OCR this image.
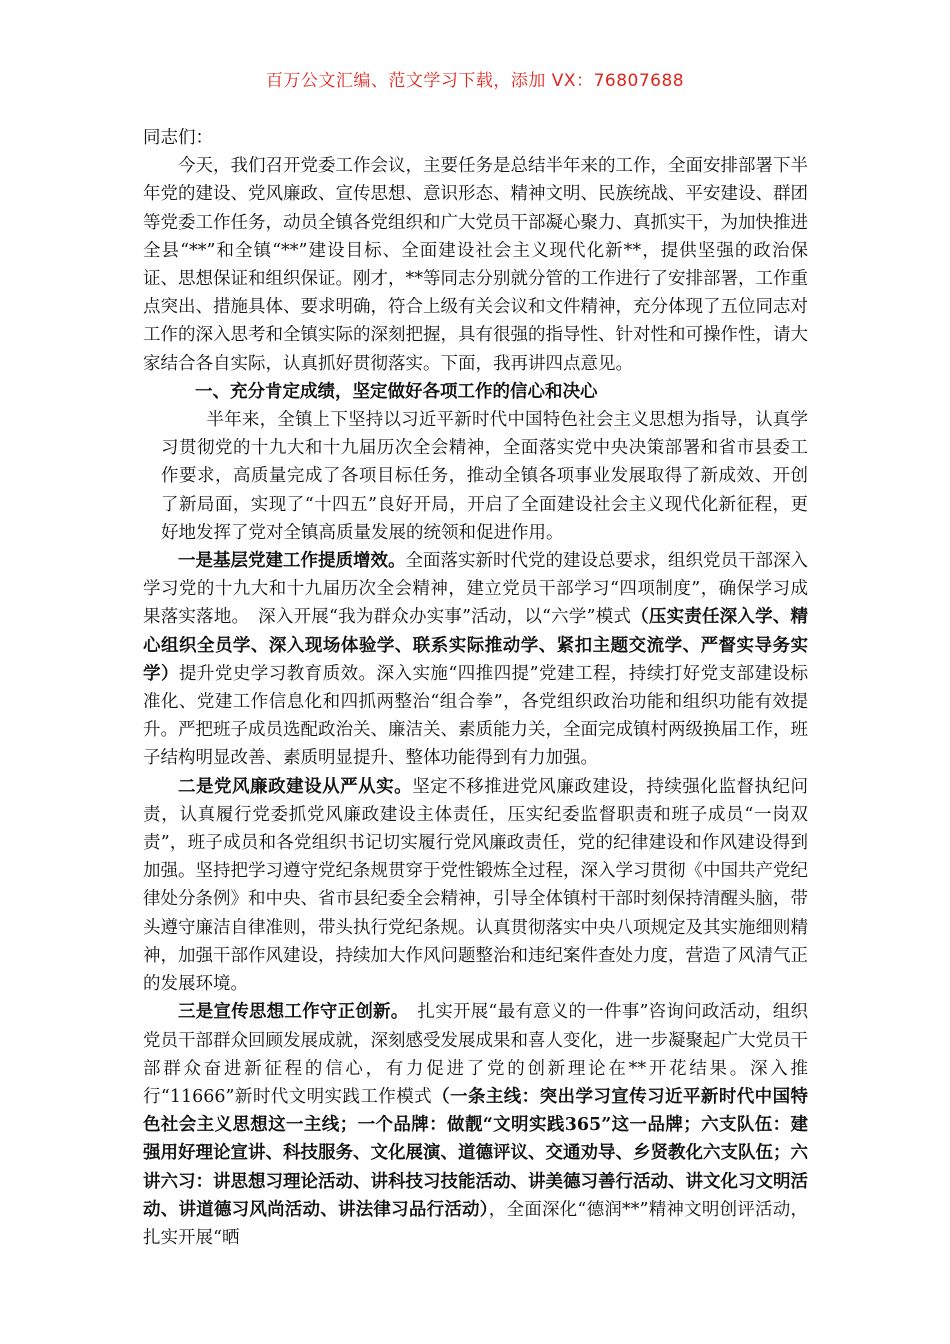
百万公文汇编、范文学习下载，添加 VX：76807688

同志们：

今天，我们召开党委工作会议，主要任务是总结半年来的工作，全面安排部署下半年党的建设、党风廉政、宣传思想、意识形态、精神文明、民族统战、平安建设、群团等党委工作任务，动员全镇各党组织和广大党员干部凝心聚力、真抓实干，为加快推进全县“**”和全镇“**”建设目标、全面建设社会主义现代化新**，提供坚强的政治保证、思想保证和组织保证。刚才，**等同志分别就分管的工作进行了安排部署，工作重点突出、措施具体、要求明确，符合上级有关会议和文件精神，充分体现了五位同志对工作的深入思考和全镇实际的深刻把握，具有很强的指导性、针对性和可操作性，请大家结合各自实际，认真抓好贯彻落实。下面，我再讲四点意见。

一、充分肯定成绩，坚定做好各项工作的信心和决心

半年来，全镇上下坚持以习近平新时代中国特色社会主义思想为指导，认真学习贯彻党的十九大和十九届历次全会精神，全面落实党中央决策部署和省市县委工作要求，高质量完成了各项目标任务，推动全镇各项事业发展取得了新成效、开创了新局面，实现了“十四五”良好开局，开启了全面建设社会主义现代化新征程，更好地发挥了党对全镇高质量发展的统领和促进作用。

一是基层党建工作提质增效。全面落实新时代党的建设总要求，组织党员干部深入学习党的十九大和十九届历次全会精神，建立党员干部学习“四项制度”，确保学习成果落实落地。　深入开展“我为群众办实事”活动，以“六学”模式（压实责任深入学、精心组织全员学、深入现场体验学、联系实际推动学、紧扣主题交流学、严督实导务实学）提升党史学习教育质效。深入实施“四推四提”党建工程，持续打好党支部建设标准化、党建工作信息化和四抓两整治“组合拳”，各党组织政治功能和组织功能有效提升。严把班子成员选配政治关、廉洁关、素质能力关，全面完成镇村两级换届工作，班子结构明显改善、素质明显提升、整体功能得到有力加强。

二是党风廉政建设从严从实。坚定不移推进党风廉政建设，持续强化监督执纪问责，认真履行党委抓党风廉政建设主体责任，压实纪委监督职责和班子成员“一岗双责”，班子成员和各党组织书记切实履行党风廉政责任，党的纪律建设和作风建设得到加强。坚持把学习遵守党纪条规贯穿于党性锻炼全过程，深入学习贯彻《中国共产党纪律处分条例》和中央、省市县纪委全会精神，引导全体镇村干部时刻保持清醒头脑，带头遵守廉洁自律准则，带头执行党纪条规。认真贯彻落实中央八项规定及其实施细则精神，加强干部作风建设，持续加大作风问题整治和违纪案件查处力度，营造了风清气正的发展环境。

三是宣传思想工作守正创新。　扎实开展“最有意义的一件事”咨询问政活动，组织党员干部群众回顾发展成就，深刻感受发展成果和喜人变化，进一步凝聚起广大党员干部群众奋进新征程的信心，有力促进了党的创新理论在**开花结果。深入推行“11666”新时代文明实践工作模式（一条主线：突出学习宣传习近平新时代中国特色社会主义思想这一主线；一个品牌：做靓“文明实践365”这一品牌；六支队伍：建强用好理论宣讲、科技服务、文化展演、道德评议、交通劝导、乡贤教化六支队伍；六讲六习：讲思想习理论活动、讲科技习技能活动、讲美德习善行活动、讲文化习文明活动、讲道德习风尚活动、讲法律习品行活动），全面深化“德润**”精神文明创评活动，扎实开展“晒
